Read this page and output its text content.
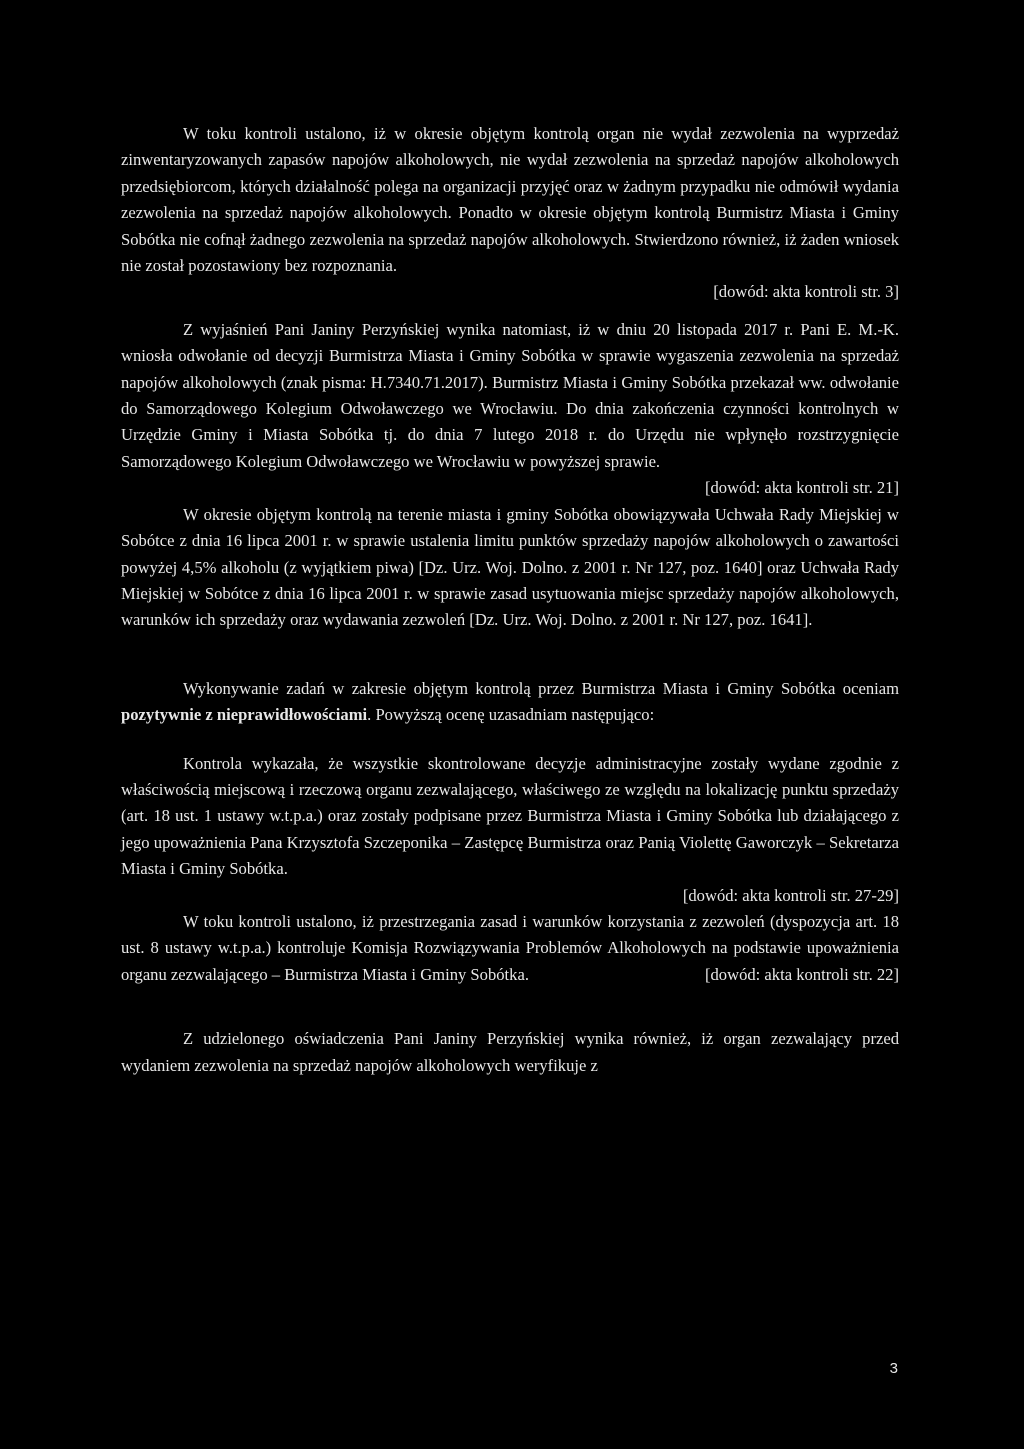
W toku kontroli ustalono, iż w okresie objętym kontrolą organ nie wydał zezwolenia na wyprzedaż zinwentaryzowanych zapasów napojów alkoholowych, nie wydał zezwolenia na sprzedaż napojów alkoholowych przedsiębiorcom, których działalność polega na organizacji przyjęć oraz w żadnym przypadku nie odmówił wydania zezwolenia na sprzedaż napojów alkoholowych. Ponadto w okresie objętym kontrolą Burmistrz Miasta i Gminy Sobótka nie cofnął żadnego zezwolenia na sprzedaż napojów alkoholowych. Stwierdzono również, iż żaden wniosek nie został pozostawiony bez rozpoznania.

[dowód: akta kontroli str. 3]

Z wyjaśnień Pani Janiny Perzyńskiej wynika natomiast, iż w dniu 20 listopada 2017 r. Pani E. M.-K. wniosła odwołanie od decyzji Burmistrza Miasta i Gminy Sobótka w sprawie wygaszenia zezwolenia na sprzedaż napojów alkoholowych (znak pisma: H.7340.71.2017). Burmistrz Miasta i Gminy Sobótka przekazał ww. odwołanie do Samorządowego Kolegium Odwoławczego we Wrocławiu. Do dnia zakończenia czynności kontrolnych w Urzędzie Gminy i Miasta Sobótka tj. do dnia 7 lutego 2018 r. do Urzędu nie wpłynęło rozstrzygnięcie Samorządowego Kolegium Odwoławczego we Wrocławiu w powyższej sprawie.

[dowód: akta kontroli str. 21]

W okresie objętym kontrolą na terenie miasta i gminy Sobótka obowiązywała Uchwała Rady Miejskiej w Sobótce z dnia 16 lipca 2001 r. w sprawie ustalenia limitu punktów sprzedaży napojów alkoholowych o zawartości powyżej 4,5% alkoholu (z wyjątkiem piwa) [Dz. Urz. Woj. Dolno. z 2001 r. Nr 127, poz. 1640] oraz Uchwała Rady Miejskiej w Sobótce z dnia 16 lipca 2001 r. w sprawie zasad usytuowania miejsc sprzedaży napojów alkoholowych, warunków ich sprzedaży oraz wydawania zezwoleń [Dz. Urz. Woj. Dolno. z 2001 r. Nr 127, poz. 1641].

Wykonywanie zadań w zakresie objętym kontrolą przez Burmistrza Miasta i Gminy Sobótka oceniam pozytywnie z nieprawidłowościami. Powyższą ocenę uzasadniam następująco:

Kontrola wykazała, że wszystkie skontrolowane decyzje administracyjne zostały wydane zgodnie z właściwością miejscową i rzeczową organu zezwalającego, właściwego ze względu na lokalizację punktu sprzedaży (art. 18 ust. 1 ustawy w.t.p.a.) oraz zostały podpisane przez Burmistrza Miasta i Gminy Sobótka lub działającego z jego upoważnienia Pana Krzysztofa Szczeponika – Zastępcę Burmistrza oraz Panią Violettę Gaworczyk – Sekretarza Miasta i Gminy Sobótka.

[dowód: akta kontroli str. 27-29]

W toku kontroli ustalono, iż przestrzegania zasad i warunków korzystania z zezwoleń (dyspozycja art. 18 ust. 8 ustawy w.t.p.a.) kontroluje Komisja Rozwiązywania Problemów Alkoholowych na podstawie upoważnienia organu zezwalającego – Burmistrza Miasta i Gminy Sobótka.	[dowód: akta kontroli str. 22]

Z udzielonego oświadczenia Pani Janiny Perzyńskiej wynika również, iż organ zezwalający przed wydaniem zezwolenia na sprzedaż napojów alkoholowych weryfikuje z

3
